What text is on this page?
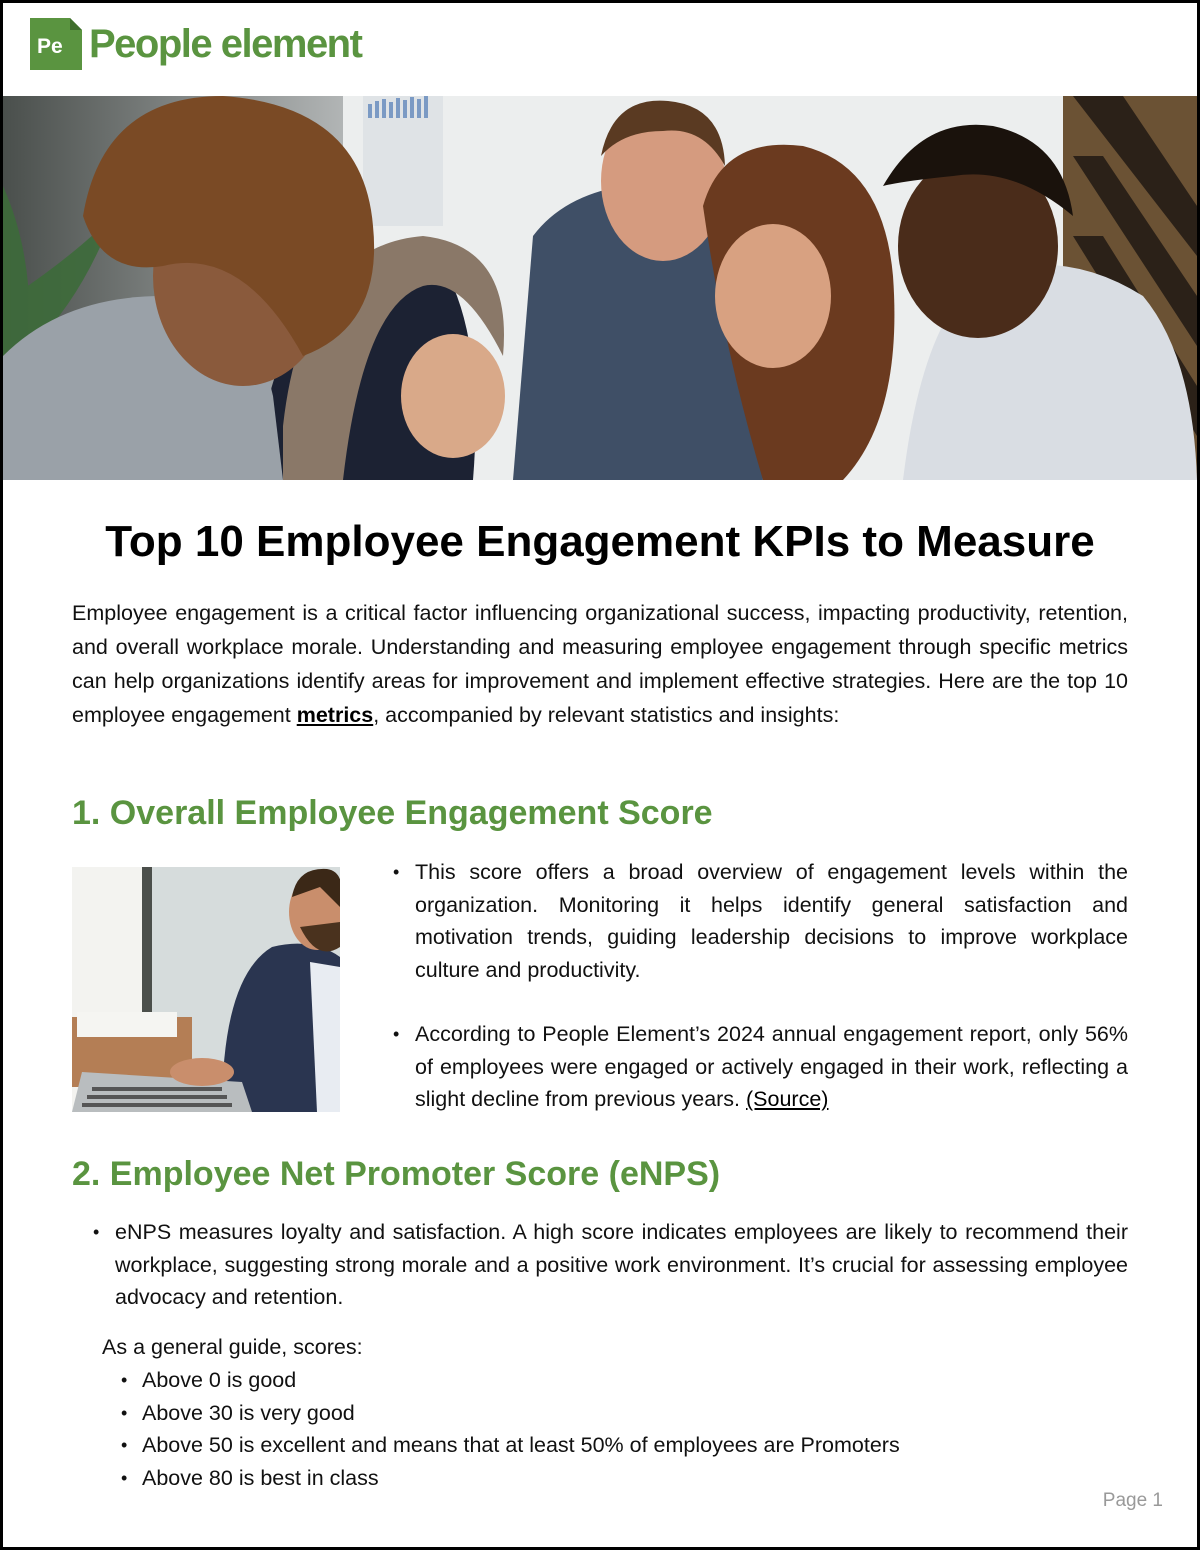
Pe People element
Top 10 Employee Engagement KPIs to Measure

Employee engagement is a critical factor influencing organizational success, impacting productivity, retention, and overall workplace morale. Understanding and measuring employee engagement through specific metrics can help organizations identify areas for improvement and implement effective strategies. Here are the top 10 employee engagement metrics, accompanied by relevant statistics and insights:

1. Overall Employee Engagement Score
• This score offers a broad overview of engagement levels within the organization. Monitoring it helps identify general satisfaction and motivation trends, guiding leadership decisions to improve workplace culture and productivity.
• According to People Element’s 2024 annual engagement report, only 56% of employees were engaged or actively engaged in their work, reflecting a slight decline from previous years. (Source)
2. Employee Net Promoter Score (eNPS)
• eNPS measures loyalty and satisfaction. A high score indicates employees are likely to recommend their workplace, suggesting strong morale and a positive work environment. It’s crucial for assessing employee advocacy and retention.
As a general guide, scores:
• Above 0 is good
• Above 30 is very good
• Above 50 is excellent and means that at least 50% of employees are Promoters
• Above 80 is best in class
Page 1
